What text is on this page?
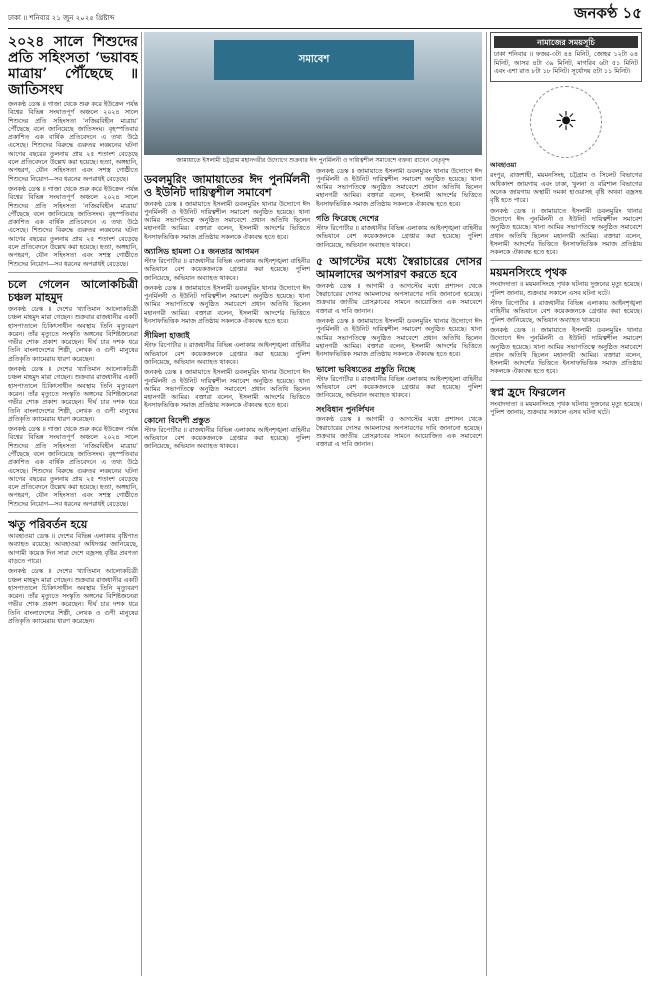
ঢাকা ॥ শনিবার ২১ জুন ২০২৫ খ্রিষ্টাব্দ	জনকণ্ঠ ১৫
২০২৪ সালে শিশুদের প্রতি সহিংসতা ‘ভয়াবহ মাত্রায়’ পৌঁছেছে ॥ জাতিসংঘ

জনকণ্ঠ ডেস্ক ॥ গাজা থেকে শুরু করে ইউক্রেন পর্যন্ত বিশ্বের বিভিন্ন সংঘাতপূর্ণ অঞ্চলে ২০২৪ সালে শিশুদের প্রতি সহিংসতা ‘নজিরবিহীন মাত্রায়’ পৌঁছেছে বলে জানিয়েছে জাতিসংঘ। বৃহস্পতিবার প্রকাশিত এক বার্ষিক প্রতিবেদনে এ তথ্য উঠে এসেছে। শিশুদের বিরুদ্ধে গুরুতর লঙ্ঘনের ঘটনা আগের বছরের তুলনায় প্রায় ২৫ শতাংশ বেড়েছে বলে প্রতিবেদনে উল্লেখ করা হয়েছে। হত্যা, অঙ্গহানি, অপহরণ, যৌন সহিংসতা এবং সশস্ত্র গোষ্ঠীতে শিশুদের নিয়োগ—সব ধরনের অপরাধই বেড়েছে।

জনকণ্ঠ ডেস্ক ॥ গাজা থেকে শুরু করে ইউক্রেন পর্যন্ত বিশ্বের বিভিন্ন সংঘাতপূর্ণ অঞ্চলে ২০২৪ সালে শিশুদের প্রতি সহিংসতা ‘নজিরবিহীন মাত্রায়’ পৌঁছেছে বলে জানিয়েছে জাতিসংঘ। বৃহস্পতিবার প্রকাশিত এক বার্ষিক প্রতিবেদনে এ তথ্য উঠে এসেছে। শিশুদের বিরুদ্ধে গুরুতর লঙ্ঘনের ঘটনা আগের বছরের তুলনায় প্রায় ২৫ শতাংশ বেড়েছে বলে প্রতিবেদনে উল্লেখ করা হয়েছে। হত্যা, অঙ্গহানি, অপহরণ, যৌন সহিংসতা এবং সশস্ত্র গোষ্ঠীতে শিশুদের নিয়োগ—সব ধরনের অপরাধই বেড়েছে।

চলে গেলেন আলোকচিত্রী চঞ্চল মাহমুদ

জনকণ্ঠ ডেস্ক ॥ দেশের খ্যাতিমান আলোকচিত্রী চঞ্চল মাহমুদ মারা গেছেন। শুক্রবার রাজধানীর একটি হাসপাতালে চিকিৎসাধীন অবস্থায় তিনি মৃত্যুবরণ করেন। তাঁর মৃত্যুতে সংস্কৃতি অঙ্গনের বিশিষ্টজনেরা গভীর শোক প্রকাশ করেছেন। দীর্ঘ চার দশক ধরে তিনি বাংলাদেশের শিল্পী, লেখক ও গুণী মানুষের প্রতিকৃতি ক্যামেরায় ধারণ করেছেন।

জনকণ্ঠ ডেস্ক ॥ দেশের খ্যাতিমান আলোকচিত্রী চঞ্চল মাহমুদ মারা গেছেন। শুক্রবার রাজধানীর একটি হাসপাতালে চিকিৎসাধীন অবস্থায় তিনি মৃত্যুবরণ করেন। তাঁর মৃত্যুতে সংস্কৃতি অঙ্গনের বিশিষ্টজনেরা গভীর শোক প্রকাশ করেছেন। দীর্ঘ চার দশক ধরে তিনি বাংলাদেশের শিল্পী, লেখক ও গুণী মানুষের প্রতিকৃতি ক্যামেরায় ধারণ করেছেন।

জনকণ্ঠ ডেস্ক ॥ গাজা থেকে শুরু করে ইউক্রেন পর্যন্ত বিশ্বের বিভিন্ন সংঘাতপূর্ণ অঞ্চলে ২০২৪ সালে শিশুদের প্রতি সহিংসতা ‘নজিরবিহীন মাত্রায়’ পৌঁছেছে বলে জানিয়েছে জাতিসংঘ। বৃহস্পতিবার প্রকাশিত এক বার্ষিক প্রতিবেদনে এ তথ্য উঠে এসেছে। শিশুদের বিরুদ্ধে গুরুতর লঙ্ঘনের ঘটনা আগের বছরের তুলনায় প্রায় ২৫ শতাংশ বেড়েছে বলে প্রতিবেদনে উল্লেখ করা হয়েছে। হত্যা, অঙ্গহানি, অপহরণ, যৌন সহিংসতা এবং সশস্ত্র গোষ্ঠীতে শিশুদের নিয়োগ—সব ধরনের অপরাধই বেড়েছে।

ঋতু পরিবর্তন হয়ে

আবহাওয়া ডেস্ক ॥ দেশের বিভিন্ন এলাকায় বৃষ্টিপাত অব্যাহত রয়েছে। আবহাওয়া অধিদপ্তর জানিয়েছে, আগামী কয়েক দিন সারা দেশে বজ্রসহ বৃষ্টির প্রবণতা বাড়তে পারে।

জনকণ্ঠ ডেস্ক ॥ দেশের খ্যাতিমান আলোকচিত্রী চঞ্চল মাহমুদ মারা গেছেন। শুক্রবার রাজধানীর একটি হাসপাতালে চিকিৎসাধীন অবস্থায় তিনি মৃত্যুবরণ করেন। তাঁর মৃত্যুতে সংস্কৃতি অঙ্গনের বিশিষ্টজনেরা গভীর শোক প্রকাশ করেছেন। দীর্ঘ চার দশক ধরে তিনি বাংলাদেশের শিল্পী, লেখক ও গুণী মানুষের প্রতিকৃতি ক্যামেরায় ধারণ করেছেন।

সমাবেশ
জামায়াতে ইসলামী চট্টগ্রাম মহানগরীর উদ্যোগে শুক্রবার ঈদ পুনর্মিলনী ও দায়িত্বশীল সমাবেশে বক্তব্য রাখেন নেতৃবৃন্দ
ডবলমুরিং জামায়াতের ঈদ পুনর্মিলনী ও ইউনিট দায়িত্বশীল সমাবেশ

জনকণ্ঠ ডেস্ক ॥ জামায়াতে ইসলামী ডবলমুরিং থানার উদ্যোগে ঈদ পুনর্মিলনী ও ইউনিট দায়িত্বশীল সমাবেশ অনুষ্ঠিত হয়েছে। থানা আমির সভাপতিত্বে অনুষ্ঠিত সমাবেশে প্রধান অতিথি ছিলেন মহানগরী আমির। বক্তারা বলেন, ইসলামী আদর্শের ভিত্তিতে ইনসাফভিত্তিক সমাজ প্রতিষ্ঠায় সকলকে ঐক্যবদ্ধ হতে হবে।

অ্যাসিড হামলা ঃ জনতার আগমন

স্টাফ রিপোর্টার ॥ রাজধানীর বিভিন্ন এলাকায় আইনশৃঙ্খলা বাহিনীর অভিযানে বেশ কয়েকজনকে গ্রেপ্তার করা হয়েছে। পুলিশ জানিয়েছে, অভিযান অব্যাহত থাকবে।

জনকণ্ঠ ডেস্ক ॥ জামায়াতে ইসলামী ডবলমুরিং থানার উদ্যোগে ঈদ পুনর্মিলনী ও ইউনিট দায়িত্বশীল সমাবেশ অনুষ্ঠিত হয়েছে। থানা আমির সভাপতিত্বে অনুষ্ঠিত সমাবেশে প্রধান অতিথি ছিলেন মহানগরী আমির। বক্তারা বলেন, ইসলামী আদর্শের ভিত্তিতে ইনসাফভিত্তিক সমাজ প্রতিষ্ঠায় সকলকে ঐক্যবদ্ধ হতে হবে।

সীমিলা হাজাই

স্টাফ রিপোর্টার ॥ রাজধানীর বিভিন্ন এলাকায় আইনশৃঙ্খলা বাহিনীর অভিযানে বেশ কয়েকজনকে গ্রেপ্তার করা হয়েছে। পুলিশ জানিয়েছে, অভিযান অব্যাহত থাকবে।

জনকণ্ঠ ডেস্ক ॥ জামায়াতে ইসলামী ডবলমুরিং থানার উদ্যোগে ঈদ পুনর্মিলনী ও ইউনিট দায়িত্বশীল সমাবেশ অনুষ্ঠিত হয়েছে। থানা আমির সভাপতিত্বে অনুষ্ঠিত সমাবেশে প্রধান অতিথি ছিলেন মহানগরী আমির। বক্তারা বলেন, ইসলামী আদর্শের ভিত্তিতে ইনসাফভিত্তিক সমাজ প্রতিষ্ঠায় সকলকে ঐক্যবদ্ধ হতে হবে।

কোনো বিদেশী প্রস্তুত

স্টাফ রিপোর্টার ॥ রাজধানীর বিভিন্ন এলাকায় আইনশৃঙ্খলা বাহিনীর অভিযানে বেশ কয়েকজনকে গ্রেপ্তার করা হয়েছে। পুলিশ জানিয়েছে, অভিযান অব্যাহত থাকবে।

জনকণ্ঠ ডেস্ক ॥ জামায়াতে ইসলামী ডবলমুরিং থানার উদ্যোগে ঈদ পুনর্মিলনী ও ইউনিট দায়িত্বশীল সমাবেশ অনুষ্ঠিত হয়েছে। থানা আমির সভাপতিত্বে অনুষ্ঠিত সমাবেশে প্রধান অতিথি ছিলেন মহানগরী আমির। বক্তারা বলেন, ইসলামী আদর্শের ভিত্তিতে ইনসাফভিত্তিক সমাজ প্রতিষ্ঠায় সকলকে ঐক্যবদ্ধ হতে হবে।

গতি ফিরেছে দেশের

স্টাফ রিপোর্টার ॥ রাজধানীর বিভিন্ন এলাকায় আইনশৃঙ্খলা বাহিনীর অভিযানে বেশ কয়েকজনকে গ্রেপ্তার করা হয়েছে। পুলিশ জানিয়েছে, অভিযান অব্যাহত থাকবে।

৫ আগস্টের মধ্যে স্বৈরাচারের দোসর আমলাদের অপসারণ করতে হবে

জনকণ্ঠ ডেস্ক ॥ আগামী ৫ আগস্টের মধ্যে প্রশাসন থেকে স্বৈরাচারের দোসর আমলাদের অপসারণের দাবি জানানো হয়েছে। শুক্রবার জাতীয় প্রেসক্লাবের সামনে আয়োজিত এক সমাবেশে বক্তারা এ দাবি জানান।

জনকণ্ঠ ডেস্ক ॥ জামায়াতে ইসলামী ডবলমুরিং থানার উদ্যোগে ঈদ পুনর্মিলনী ও ইউনিট দায়িত্বশীল সমাবেশ অনুষ্ঠিত হয়েছে। থানা আমির সভাপতিত্বে অনুষ্ঠিত সমাবেশে প্রধান অতিথি ছিলেন মহানগরী আমির। বক্তারা বলেন, ইসলামী আদর্শের ভিত্তিতে ইনসাফভিত্তিক সমাজ প্রতিষ্ঠায় সকলকে ঐক্যবদ্ধ হতে হবে।

ভালো ভবিষ্যতের প্রস্তুতি নিচ্ছে

স্টাফ রিপোর্টার ॥ রাজধানীর বিভিন্ন এলাকায় আইনশৃঙ্খলা বাহিনীর অভিযানে বেশ কয়েকজনকে গ্রেপ্তার করা হয়েছে। পুলিশ জানিয়েছে, অভিযান অব্যাহত থাকবে।

সংবিধান পুনর্লিখন

জনকণ্ঠ ডেস্ক ॥ আগামী ৫ আগস্টের মধ্যে প্রশাসন থেকে স্বৈরাচারের দোসর আমলাদের অপসারণের দাবি জানানো হয়েছে। শুক্রবার জাতীয় প্রেসক্লাবের সামনে আয়োজিত এক সমাবেশে বক্তারা এ দাবি জানান।

নামাজের সময়সূচি

ঢাকা শনিবার ॥ ফজর-৩টা ৪৪ মিনিট, জোহর ১২টা ০৪ মিনিট, আসর ৪টা ৩৯ মিনিট, মাগরিব ৬টা ৫১ মিনিট এবং এশা রাত ৮টা ১৮ মিনিট। সূর্যোদয় ৫টা ১১ মিনিট।

☀

আবহাওয়া

রংপুর, রাজশাহী, ময়মনসিংহ, চট্টগ্রাম ও সিলেট বিভাগের অধিকাংশ জায়গায় এবং ঢাকা, খুলনা ও বরিশাল বিভাগের অনেক জায়গায় অস্থায়ী দমকা হাওয়াসহ বৃষ্টি অথবা বজ্রসহ বৃষ্টি হতে পারে।

জনকণ্ঠ ডেস্ক ॥ জামায়াতে ইসলামী ডবলমুরিং থানার উদ্যোগে ঈদ পুনর্মিলনী ও ইউনিট দায়িত্বশীল সমাবেশ অনুষ্ঠিত হয়েছে। থানা আমির সভাপতিত্বে অনুষ্ঠিত সমাবেশে প্রধান অতিথি ছিলেন মহানগরী আমির। বক্তারা বলেন, ইসলামী আদর্শের ভিত্তিতে ইনসাফভিত্তিক সমাজ প্রতিষ্ঠায় সকলকে ঐক্যবদ্ধ হতে হবে।

ময়মনসিংহে পৃথক

সংবাদদাতা ॥ ময়মনসিংহে পৃথক ঘটনায় দুজনের মৃত্যু হয়েছে। পুলিশ জানায়, শুক্রবার সকালে এসব ঘটনা ঘটে।

স্টাফ রিপোর্টার ॥ রাজধানীর বিভিন্ন এলাকায় আইনশৃঙ্খলা বাহিনীর অভিযানে বেশ কয়েকজনকে গ্রেপ্তার করা হয়েছে। পুলিশ জানিয়েছে, অভিযান অব্যাহত থাকবে।

জনকণ্ঠ ডেস্ক ॥ জামায়াতে ইসলামী ডবলমুরিং থানার উদ্যোগে ঈদ পুনর্মিলনী ও ইউনিট দায়িত্বশীল সমাবেশ অনুষ্ঠিত হয়েছে। থানা আমির সভাপতিত্বে অনুষ্ঠিত সমাবেশে প্রধান অতিথি ছিলেন মহানগরী আমির। বক্তারা বলেন, ইসলামী আদর্শের ভিত্তিতে ইনসাফভিত্তিক সমাজ প্রতিষ্ঠায় সকলকে ঐক্যবদ্ধ হতে হবে।

স্বপ্ন হ্রদে ফিরলেন

সংবাদদাতা ॥ ময়মনসিংহে পৃথক ঘটনায় দুজনের মৃত্যু হয়েছে। পুলিশ জানায়, শুক্রবার সকালে এসব ঘটনা ঘটে।
